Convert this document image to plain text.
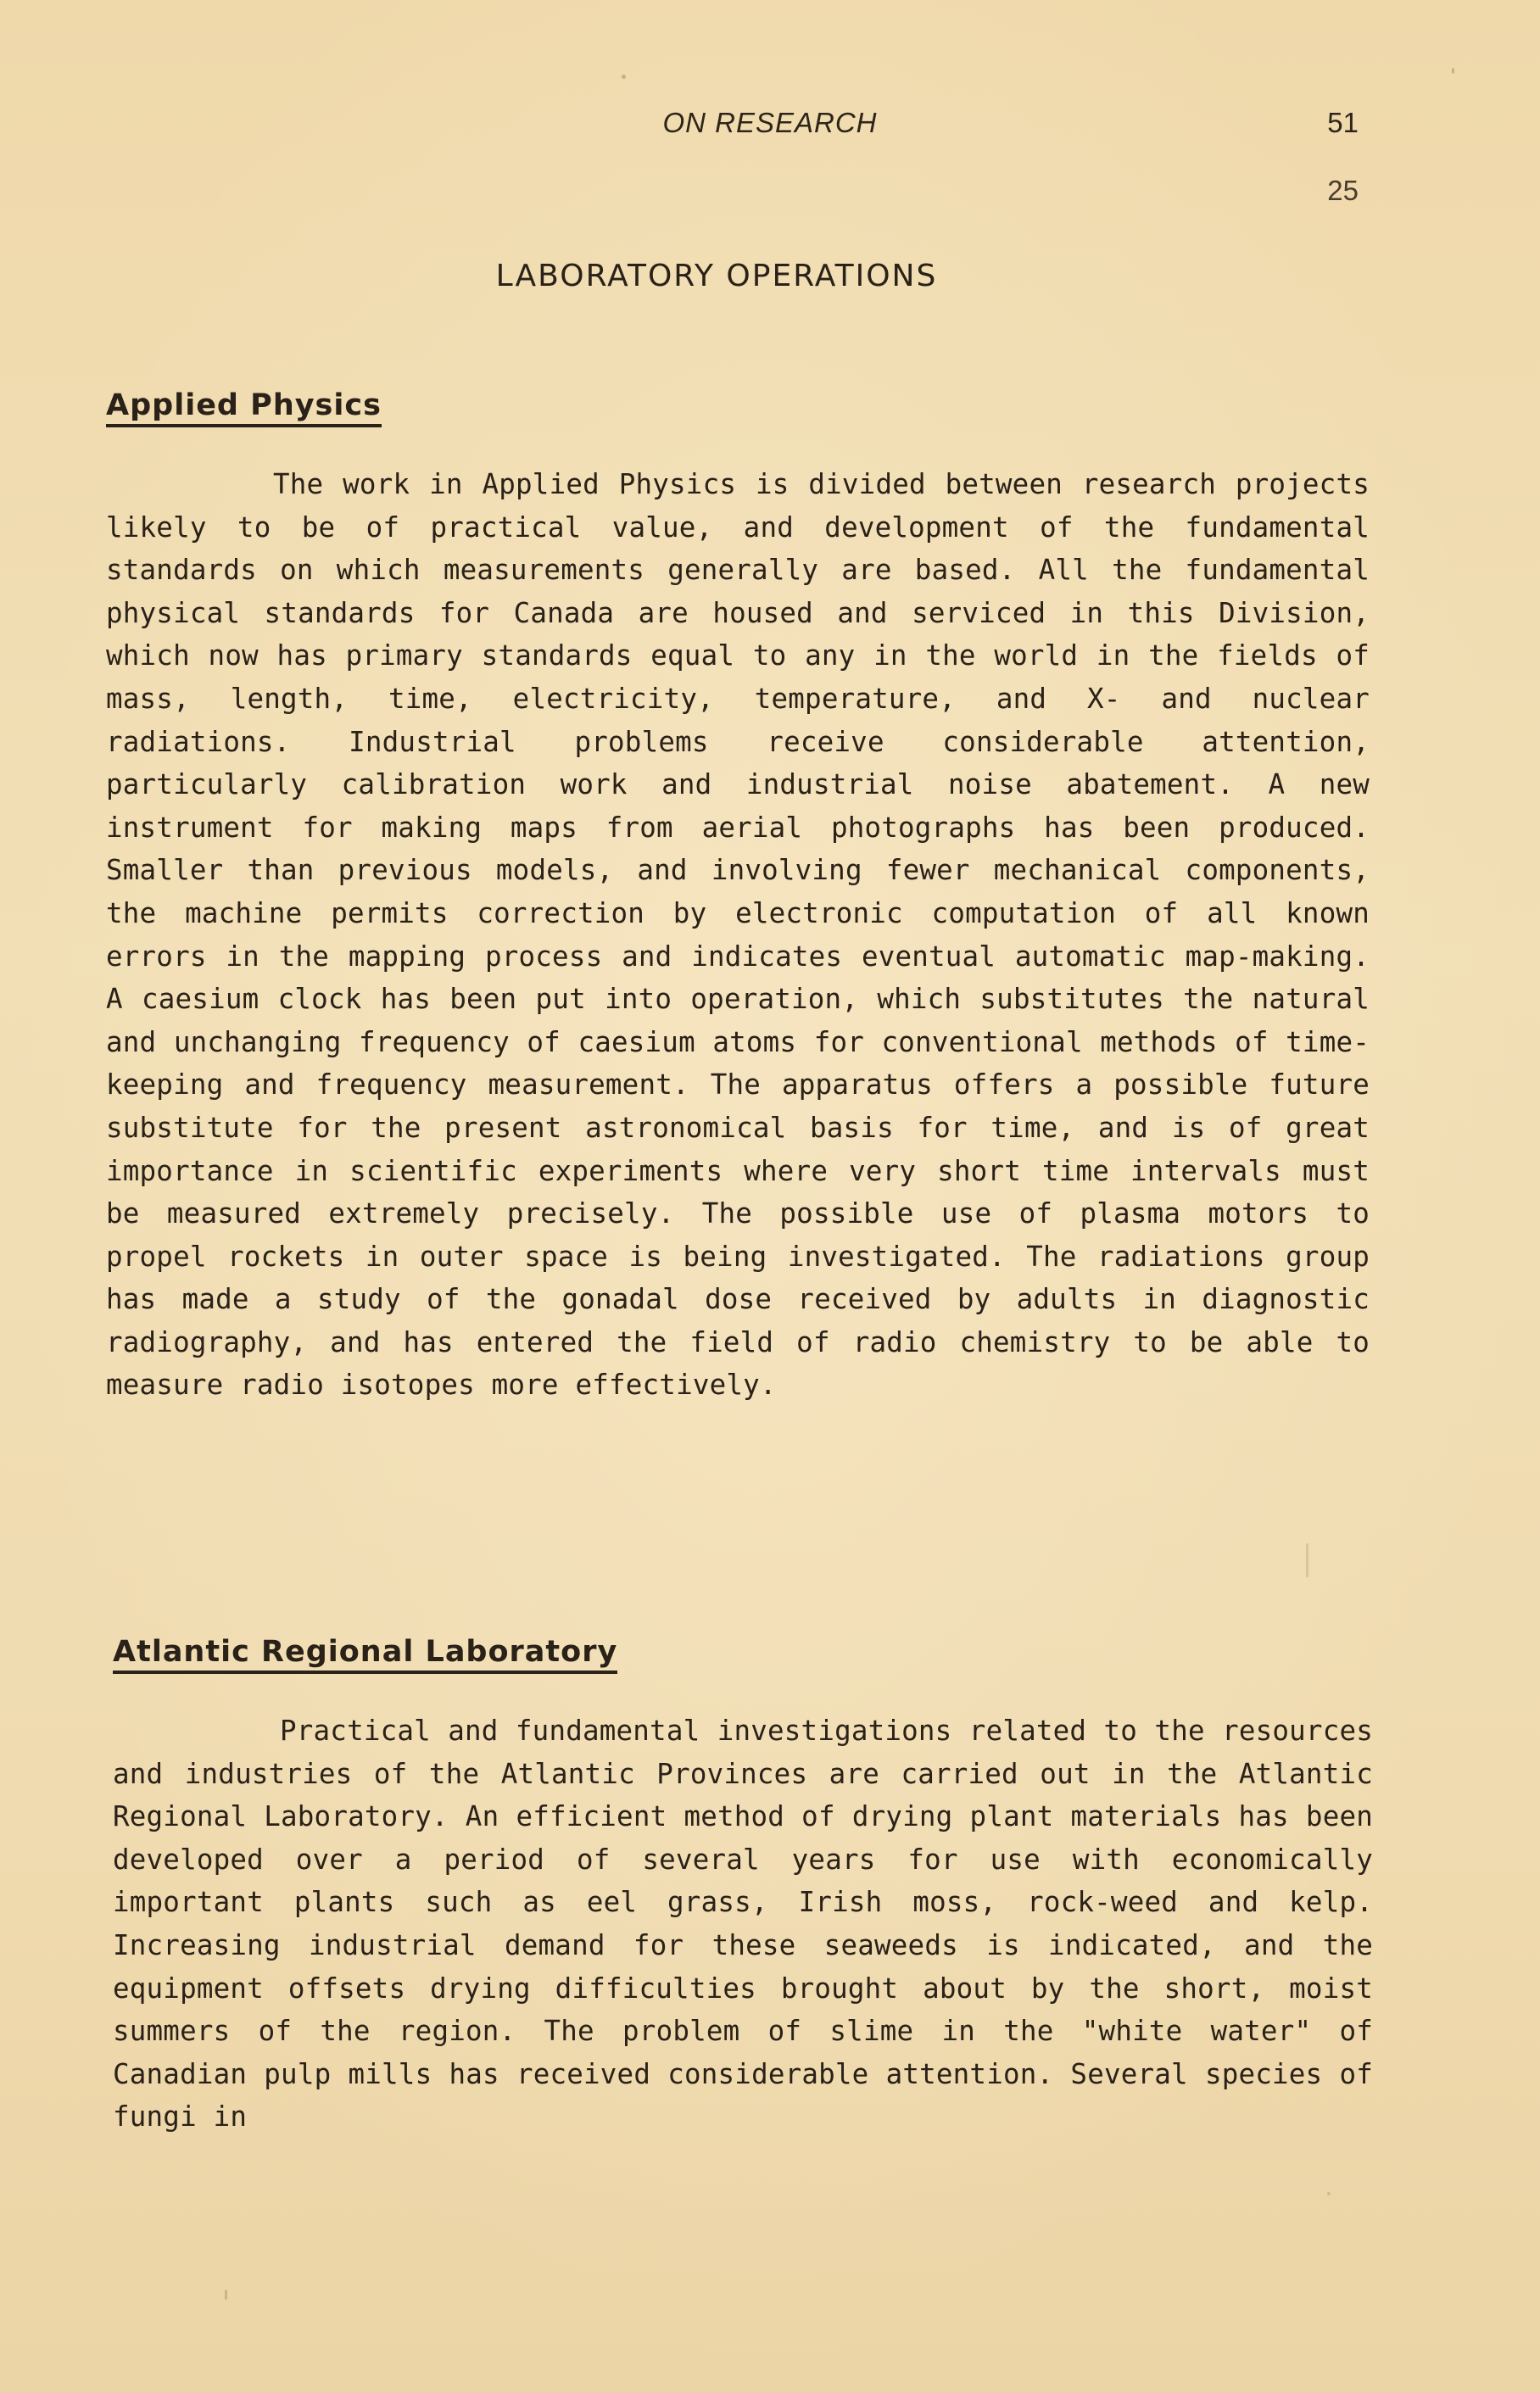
ON RESEARCH	51
25
LABORATORY OPERATIONS
Applied Physics

The work in Applied Physics is divided between research projects likely to be of practical value, and development of the fundamental standards on which measurements generally are based. All the fundamental physical standards for Canada are housed and serviced in this Division, which now has primary standards equal to any in the world in the fields of mass, length, time, electricity, temperature, and X- and nuclear radiations. Industrial problems receive considerable attention, particularly calibration work and industrial noise abatement. A new instrument for making maps from aerial photographs has been produced. Smaller than previous models, and involving fewer mechanical components, the machine permits correction by electronic computation of all known errors in the mapping process and indicates eventual automatic map-making. A caesium clock has been put into operation, which substitutes the natural and unchanging frequency of caesium atoms for conventional methods of time-keeping and frequency measurement. The apparatus offers a possible future substitute for the present astronomical basis for time, and is of great importance in scientific experiments where very short time intervals must be measured extremely precisely. The possible use of plasma motors to propel rockets in outer space is being investigated. The radiations group has made a study of the gonadal dose received by adults in diagnostic radiography, and has entered the field of radio chemistry to be able to measure radio isotopes more effectively.

Atlantic Regional Laboratory

Practical and fundamental investigations related to the resources and industries of the Atlantic Provinces are carried out in the Atlantic Regional Laboratory. An efficient method of drying plant materials has been developed over a period of several years for use with economically important plants such as eel grass, Irish moss, rock-weed and kelp. Increasing industrial demand for these seaweeds is indicated, and the equipment offsets drying difficulties brought about by the short, moist summers of the region. The problem of slime in the "white water" of Canadian pulp mills has received considerable attention. Several species of fungi in
